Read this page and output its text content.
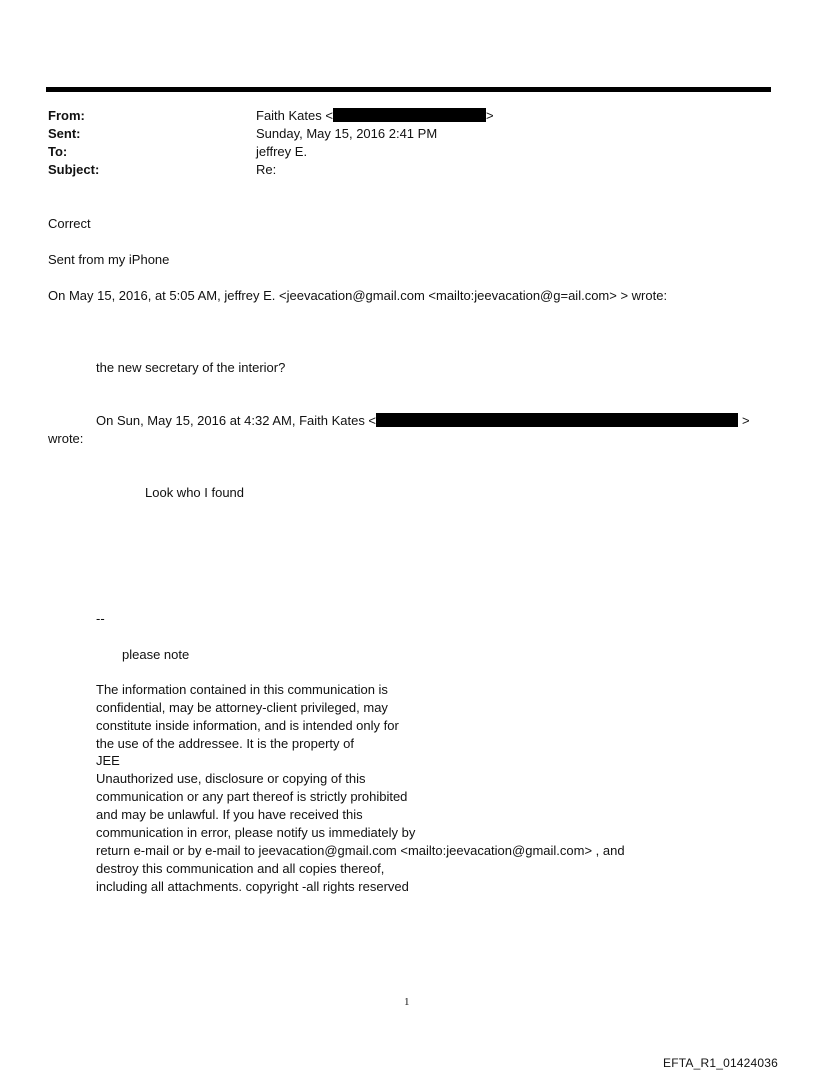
From:
Sent:
To:
Subject:
Faith Kates <	>
Sunday, May 15, 2016 2:41 PM
jeffrey E.
Re:
Correct
Sent from my iPhone
On May 15, 2016, at 5:05 AM, jeffrey E. <jeevacation@gmail.com <mailto:jeevacation@g=ail.com> > wrote:
the new secretary of the interior?
On Sun, May 15, 2016 at 4:32 AM, Faith Kates <	>
wrote:
Look who I found
--
please note
The information contained in this communication is
confidential, may be attorney-client privileged, may
constitute inside information, and is intended only for
the use of the addressee. It is the property of
JEE
Unauthorized use, disclosure or copying of this
communication or any part thereof is strictly prohibited
and may be unlawful. If you have received this
communication in error, please notify us immediately by
return e-mail or by e-mail to jeevacation@gmail.com <mailto:jeevacation@gmail.com> , and
destroy this communication and all copies thereof,
including all attachments. copyright -all rights reserved
1
EFTA_R1_01424036
